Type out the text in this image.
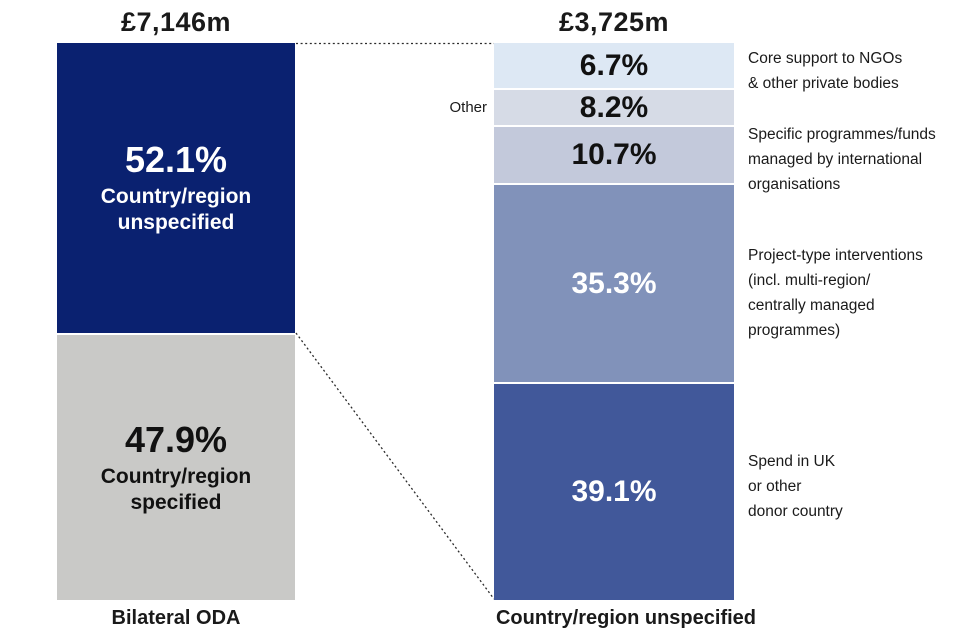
£7,146m	£3,725m
52.1%
Country/region
unspecified
47.9%
Country/region
specified
6.7%
8.2%
10.7%
35.3%
39.1%
Other
Core support to NGOs
& other private bodies
Specific programmes/funds
managed by international
organisations
Project-type interventions
(incl. multi-region/
centrally managed
programmes)
Spend in UK
or other
donor country
Bilateral ODA	Country/region unspecified
